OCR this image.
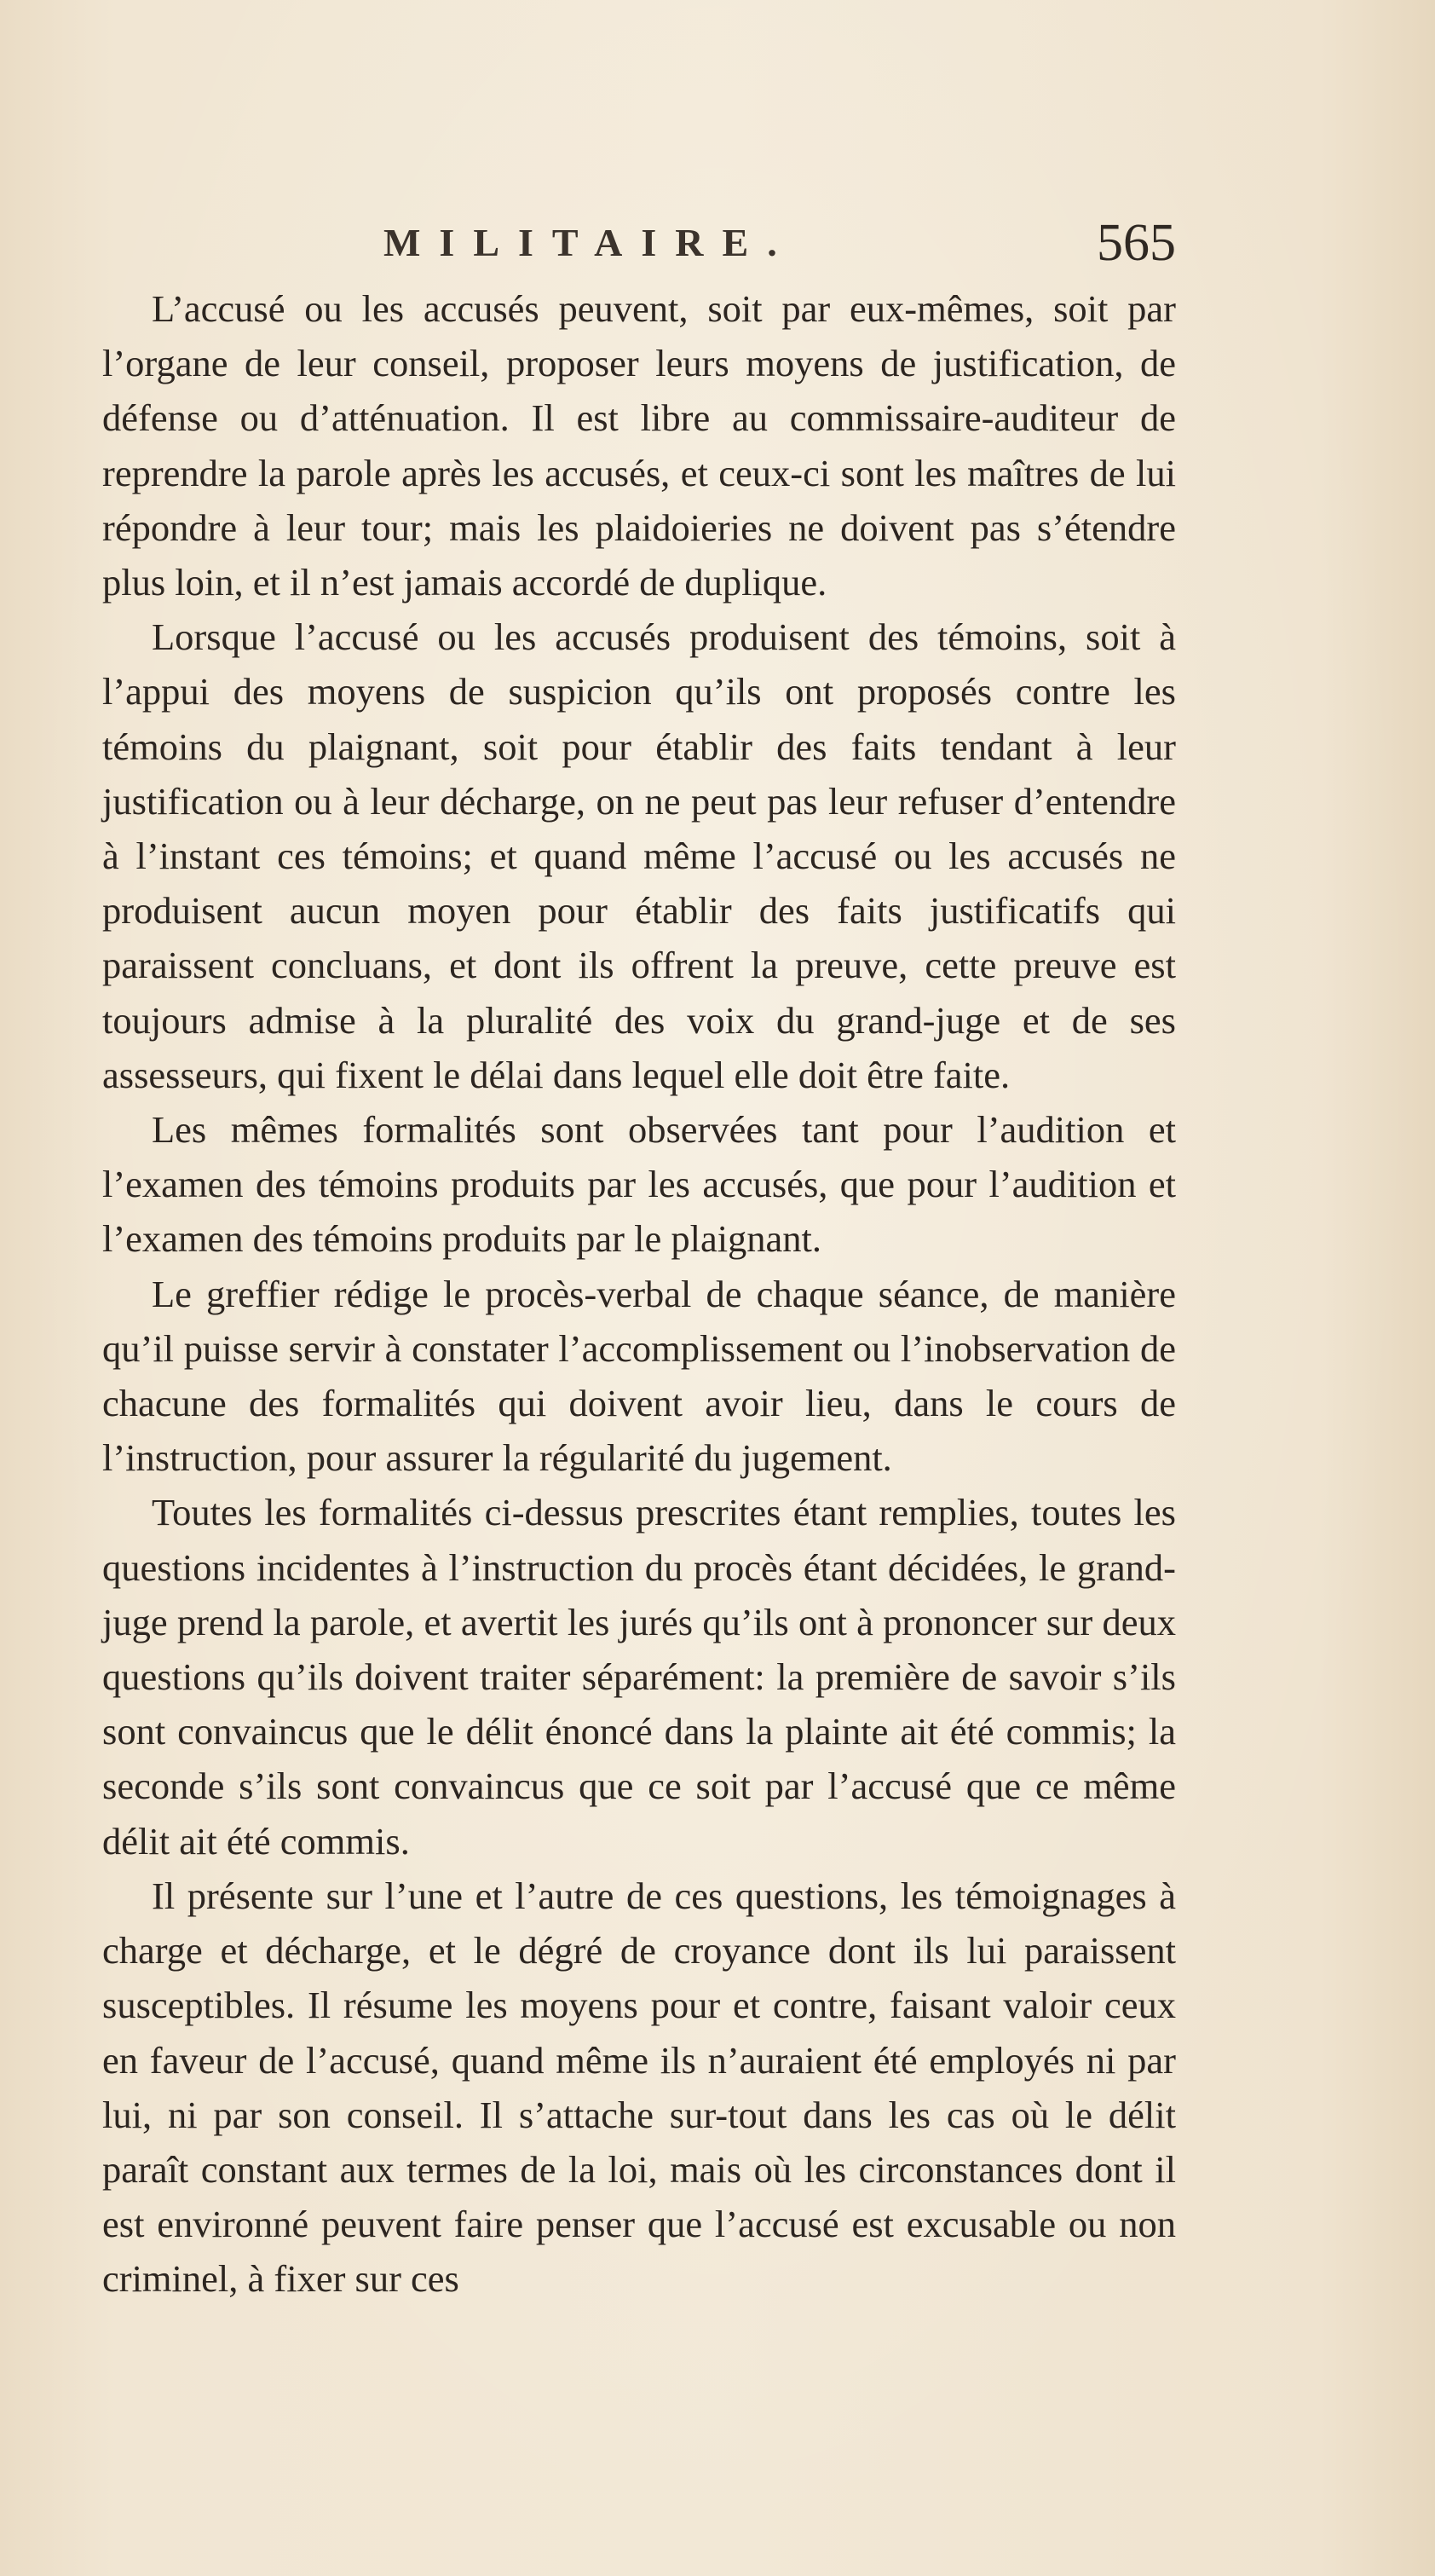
MILITAIRE.	565

L’accusé ou les accusés peuvent, soit par eux-mêmes, soit par l’organe de leur conseil, proposer leurs moyens de justification, de défense ou d’atténuation. Il est libre au commissaire-auditeur de reprendre la parole après les accusés, et ceux-ci sont les maîtres de lui répondre à leur tour; mais les plaidoieries ne doivent pas s’étendre plus loin, et il n’est jamais accordé de duplique.

Lorsque l’accusé ou les accusés produisent des témoins, soit à l’appui des moyens de suspicion qu’ils ont proposés contre les témoins du plaignant, soit pour établir des faits tendant à leur justification ou à leur décharge, on ne peut pas leur refuser d’entendre à l’instant ces témoins; et quand même l’accusé ou les accusés ne produisent aucun moyen pour établir des faits justificatifs qui paraissent concluans, et dont ils offrent la preuve, cette preuve est toujours admise à la pluralité des voix du grand-juge et de ses assesseurs, qui fixent le délai dans lequel elle doit être faite.

Les mêmes formalités sont observées tant pour l’audition et l’examen des témoins produits par les accusés, que pour l’audition et l’examen des témoins produits par le plaignant.

Le greffier rédige le procès-verbal de chaque séance, de manière qu’il puisse servir à constater l’accomplissement ou l’inobservation de chacune des formalités qui doivent avoir lieu, dans le cours de l’instruction, pour assurer la régularité du jugement.

Toutes les formalités ci-dessus prescrites étant remplies, toutes les questions incidentes à l’instruction du procès étant décidées, le grand-juge prend la parole, et avertit les jurés qu’ils ont à prononcer sur deux questions qu’ils doivent traiter séparément: la première de savoir s’ils sont convaincus que le délit énoncé dans la plainte ait été commis; la seconde s’ils sont convaincus que ce soit par l’accusé que ce même délit ait été commis.

Il présente sur l’une et l’autre de ces questions, les témoignages à charge et décharge, et le dégré de croyance dont ils lui paraissent susceptibles. Il résume les moyens pour et contre, faisant valoir ceux en faveur de l’accusé, quand même ils n’auraient été employés ni par lui, ni par son conseil. Il s’attache sur-tout dans les cas où le délit paraît constant aux termes de la loi, mais où les circonstances dont il est environné peuvent faire penser que l’accusé est excusable ou non criminel, à fixer sur ces
